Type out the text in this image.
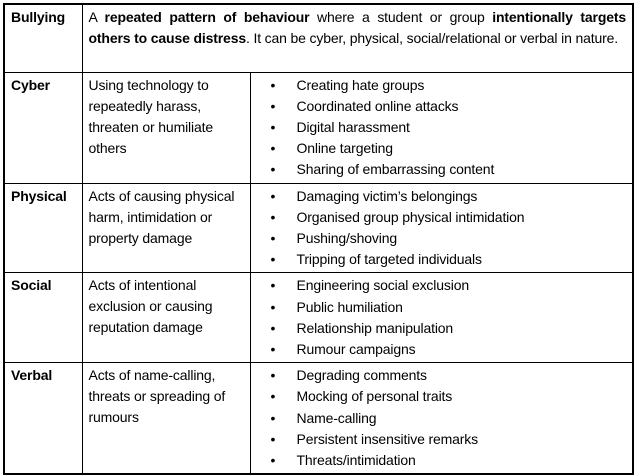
Bullying	A repeated pattern of behaviour where a student or group intentionally targets others to cause distress. It can be cyber, physical, social/relational or verbal in nature.	
Cyber	Using technology to repeatedly harass, threaten or humiliate others	
• Creating hate groups
• Coordinated online attacks
• Digital harassment
• Online targeting
• Sharing of embarrassing content

Physical	Acts of causing physical harm, intimidation or property damage	
• Damaging victim’s belongings
• Organised group physical intimidation
• Pushing/shoving
• Tripping of targeted individuals

Social	Acts of intentional exclusion or causing reputation damage	
• Engineering social exclusion
• Public humiliation
• Relationship manipulation
• Rumour campaigns

Verbal	Acts of name-calling, threats or spreading of rumours	
• Degrading comments
• Mocking of personal traits
• Name-calling
• Persistent insensitive remarks
• Threats/intimidation
